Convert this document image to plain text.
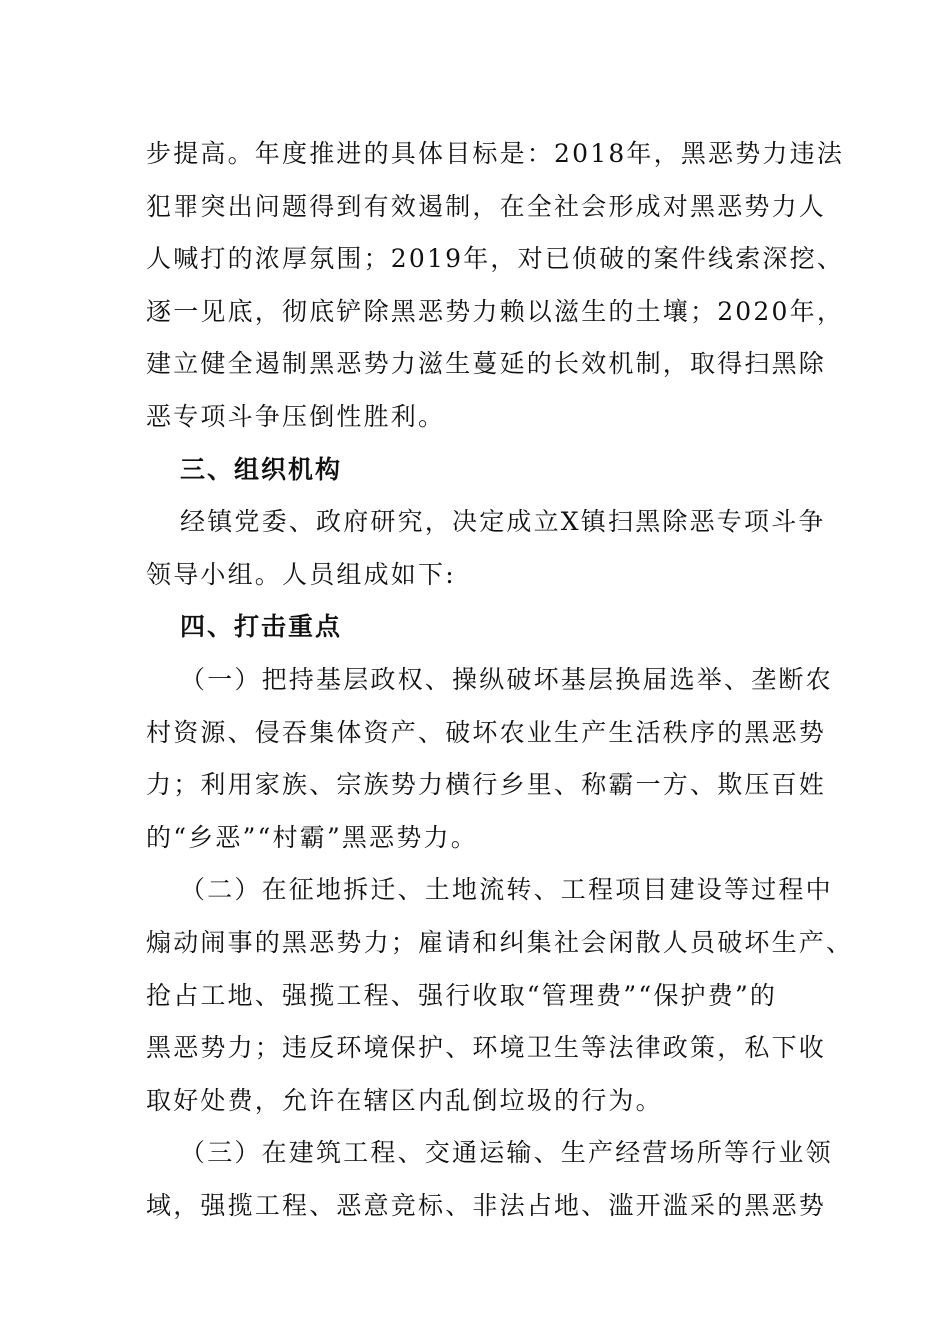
步提高。年度推进的具体目标是：2018年，黑恶势力违法
犯罪突出问题得到有效遏制，在全社会形成对黑恶势力人
人喊打的浓厚氛围；2019年，对已侦破的案件线索深挖、
逐一见底，彻底铲除黑恶势力赖以滋生的土壤；2020年，
建立健全遏制黑恶势力滋生蔓延的长效机制，取得扫黑除
恶专项斗争压倒性胜利。
三、组织机构
经镇党委、政府研究，决定成立X镇扫黑除恶专项斗争
领导小组。人员组成如下:
四、打击重点
（一）把持基层政权、操纵破坏基层换届选举、垄断农
村资源、侵吞集体资产、破坏农业生产生活秩序的黑恶势
力；利用家族、宗族势力横行乡里、称霸一方、欺压百姓
的“乡恶”“村霸”黑恶势力。
（二）在征地拆迁、土地流转、工程项目建设等过程中
煽动闹事的黑恶势力；雇请和纠集社会闲散人员破坏生产、
抢占工地、强揽工程、强行收取“管理费”“保护费”的
黑恶势力；违反环境保护、环境卫生等法律政策，私下收
取好处费，允许在辖区内乱倒垃圾的行为。
（三）在建筑工程、交通运输、生产经营场所等行业领
域，强揽工程、恶意竞标、非法占地、滥开滥采的黑恶势
